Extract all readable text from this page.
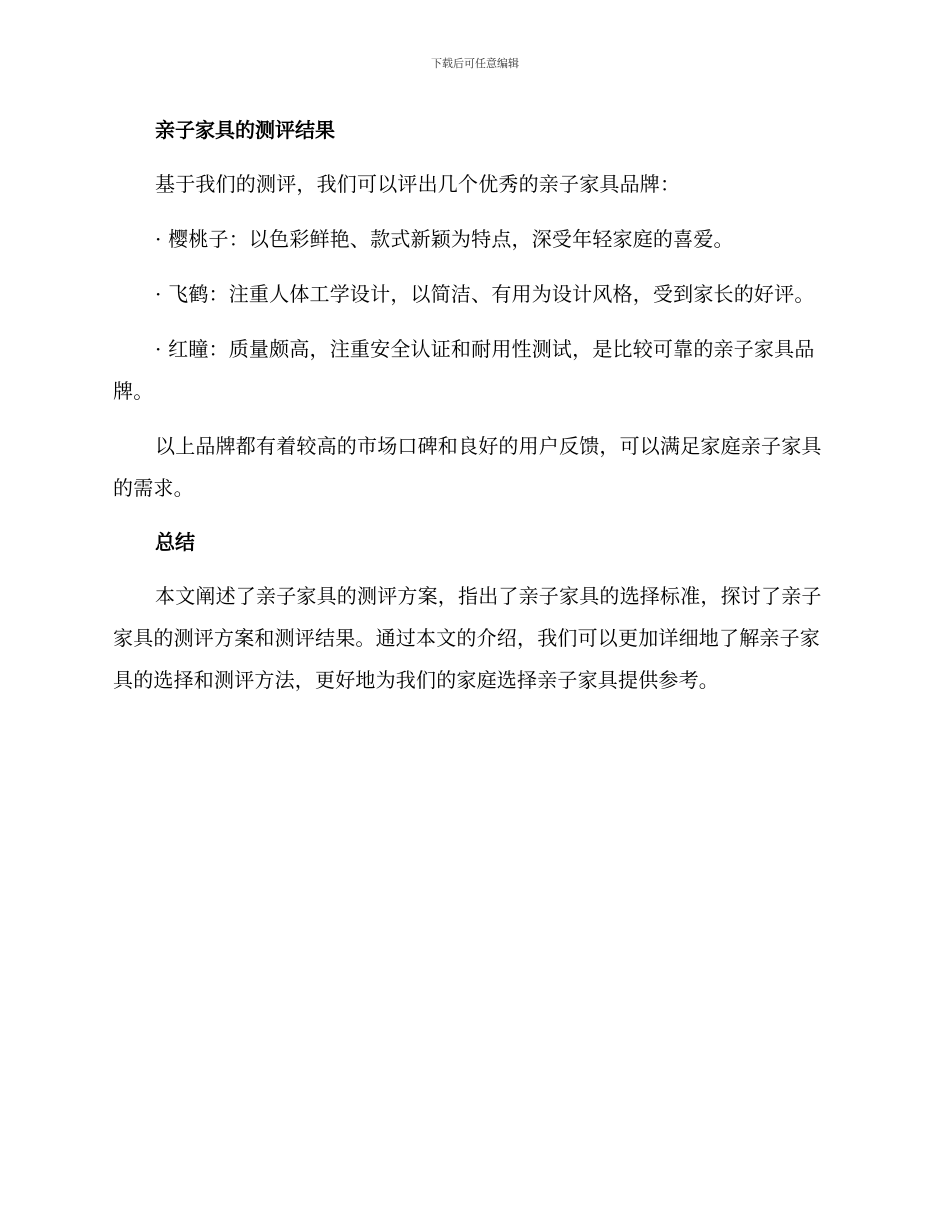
下载后可任意编辑
亲子家具的测评结果

基于我们的测评，我们可以评出几个优秀的亲子家具品牌：

· 樱桃子：以色彩鲜艳、款式新颖为特点，深受年轻家庭的喜爱。

· 飞鹤：注重人体工学设计，以简洁、有用为设计风格，受到家长的好评。

· 红瞳：质量颇高，注重安全认证和耐用性测试，是比较可靠的亲子家具品牌。

以上品牌都有着较高的市场口碑和良好的用户反馈，可以满足家庭亲子家具的需求。

总结

本文阐述了亲子家具的测评方案，指出了亲子家具的选择标准，探讨了亲子家具的测评方案和测评结果。通过本文的介绍，我们可以更加详细地了解亲子家具的选择和测评方法，更好地为我们的家庭选择亲子家具提供参考。
